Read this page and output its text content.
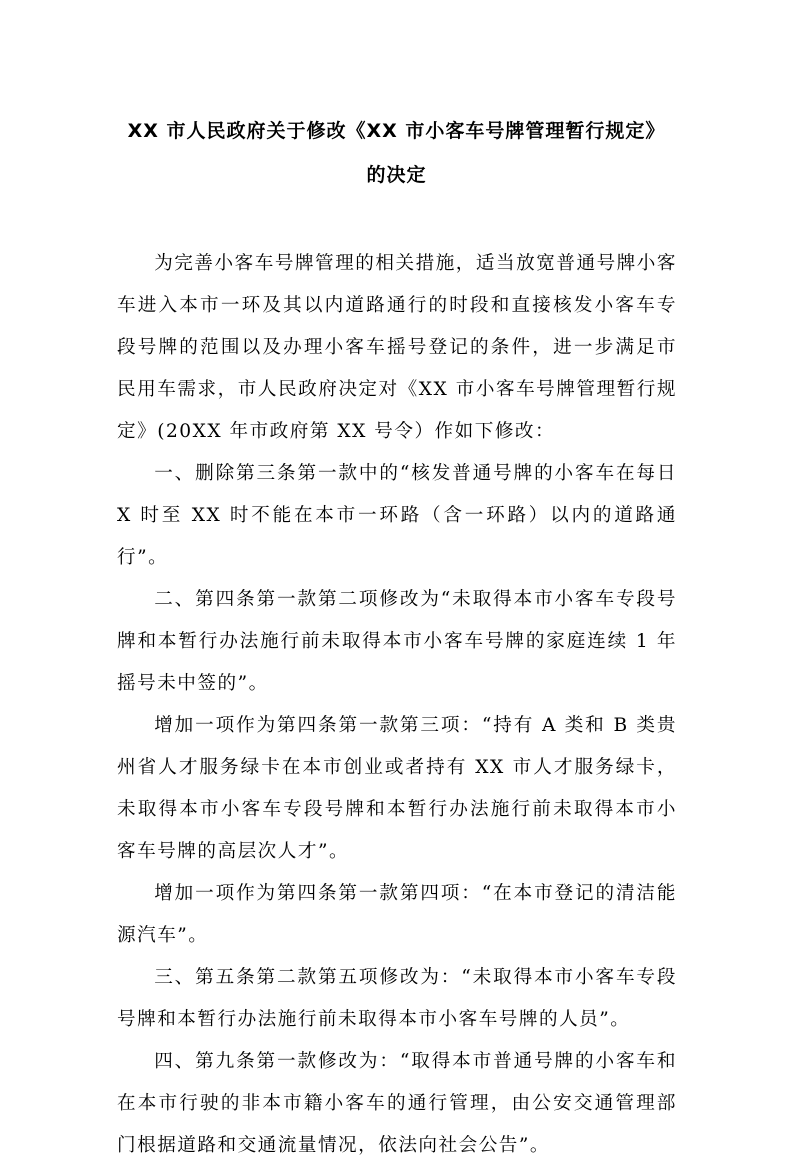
XX 市人民政府关于修改《XX 市小客车号牌管理暂行规定》
的决定

为完善小客车号牌管理的相关措施，适当放宽普通号牌小客车进入本市一环及其以内道路通行的时段和直接核发小客车专段号牌的范围以及办理小客车摇号登记的条件，进一步满足市民用车需求，市人民政府决定对《XX 市小客车号牌管理暂行规定》(20XX 年市政府第 XX 号令）作如下修改：

一、删除第三条第一款中的“核发普通号牌的小客车在每日 X 时至 XX 时不能在本市一环路（含一环路）以内的道路通行”。

二、第四条第一款第二项修改为“未取得本市小客车专段号牌和本暂行办法施行前未取得本市小客车号牌的家庭连续 1 年摇号未中签的”。

增加一项作为第四条第一款第三项：“持有 A 类和 B 类贵州省人才服务绿卡在本市创业或者持有 XX 市人才服务绿卡，未取得本市小客车专段号牌和本暂行办法施行前未取得本市小客车号牌的高层次人才”。

增加一项作为第四条第一款第四项：“在本市登记的清洁能源汽车”。

三、第五条第二款第五项修改为：“未取得本市小客车专段号牌和本暂行办法施行前未取得本市小客车号牌的人员”。

四、第九条第一款修改为：“取得本市普通号牌的小客车和在本市行驶的非本市籍小客车的通行管理，由公安交通管理部门根据道路和交通流量情况，依法向社会公告”。
